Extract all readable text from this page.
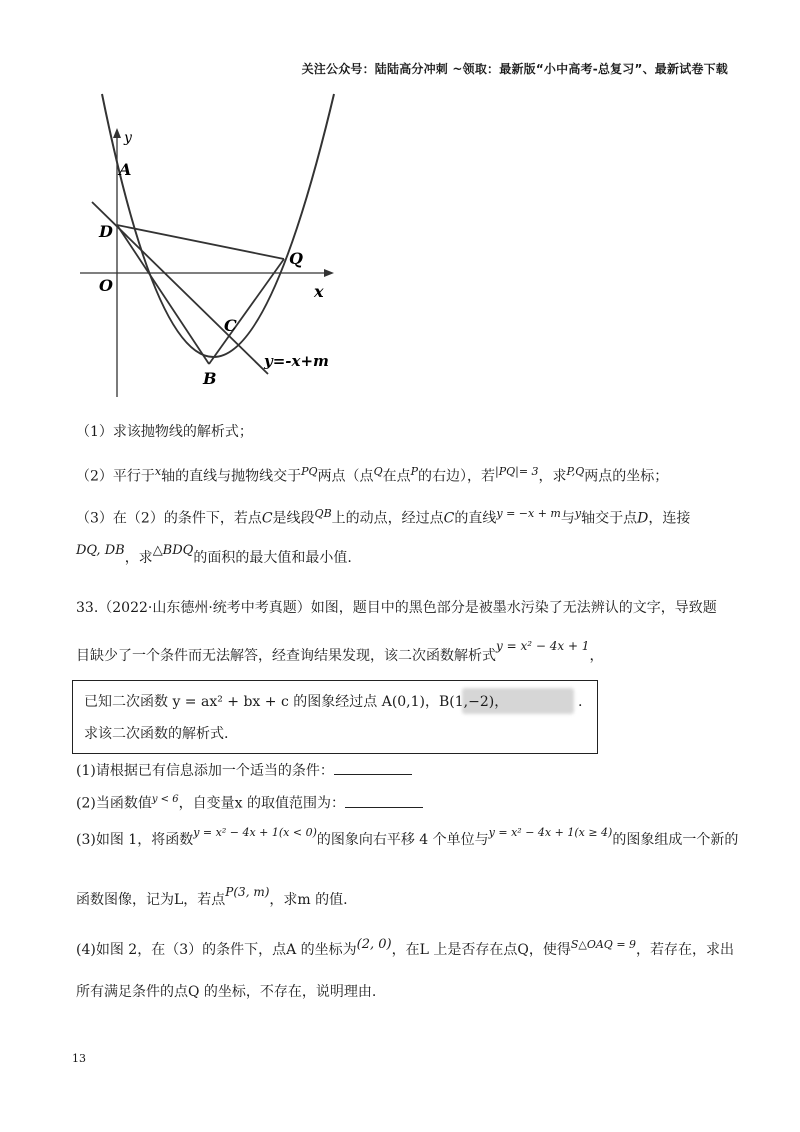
关注公众号：陆陆高分冲刺 ~领取：最新版“小中高考-总复习”、最新试卷下载
y
A
D
O
Q
x
C
y=-x+m
B
（1）求该抛物线的解析式；
（2）平行于$^x$轴的直线与抛物线交于$^{PQ}$两点（点$^Q$在点$^P$的右边），若$^{|PQ|= 3}$，求$^{P,Q}$两点的坐标；
（3）在（2）的条件下，若点C是线段$^{QB}$上的动点，经过点C的直线$^{y = -x + m}$与$^y$轴交于点D，连接
DQ, DB，求△BDQ的面积的最大值和最小值.
33.（2022·山东德州·统考中考真题）如图，题目中的黑色部分是被墨水污染了无法辨认的文字，导致题
目缺少了一个条件而无法解答，经查询结果发现，该二次函数解析式y = x² − 4x + 1，
已知二次函数 y = ax² + bx + c 的图象经过点 A(0,1)，B(1,−2)，	.
求该二次函数的解析式.
(1)请根据已有信息添加一个适当的条件：
(2)当函数值$^{y < 6}$，自变量x 的取值范围为：
(3)如图 1，将函数$^{y = x^2 - 4x + 1(x < 0)}$的图象向右平移 4 个单位与$^{y = x^2 - 4x + 1(x \ge 4)}$的图象组成一个新的
函数图像，记为L，若点P(3, m)，求m 的值.
(4)如图 2，在（3）的条件下，点A 的坐标为(2, 0)，在L 上是否存在点Q，使得$^{S\triangle OAQ = 9}$，若存在，求出
所有满足条件的点Q 的坐标，不存在，说明理由.
13
